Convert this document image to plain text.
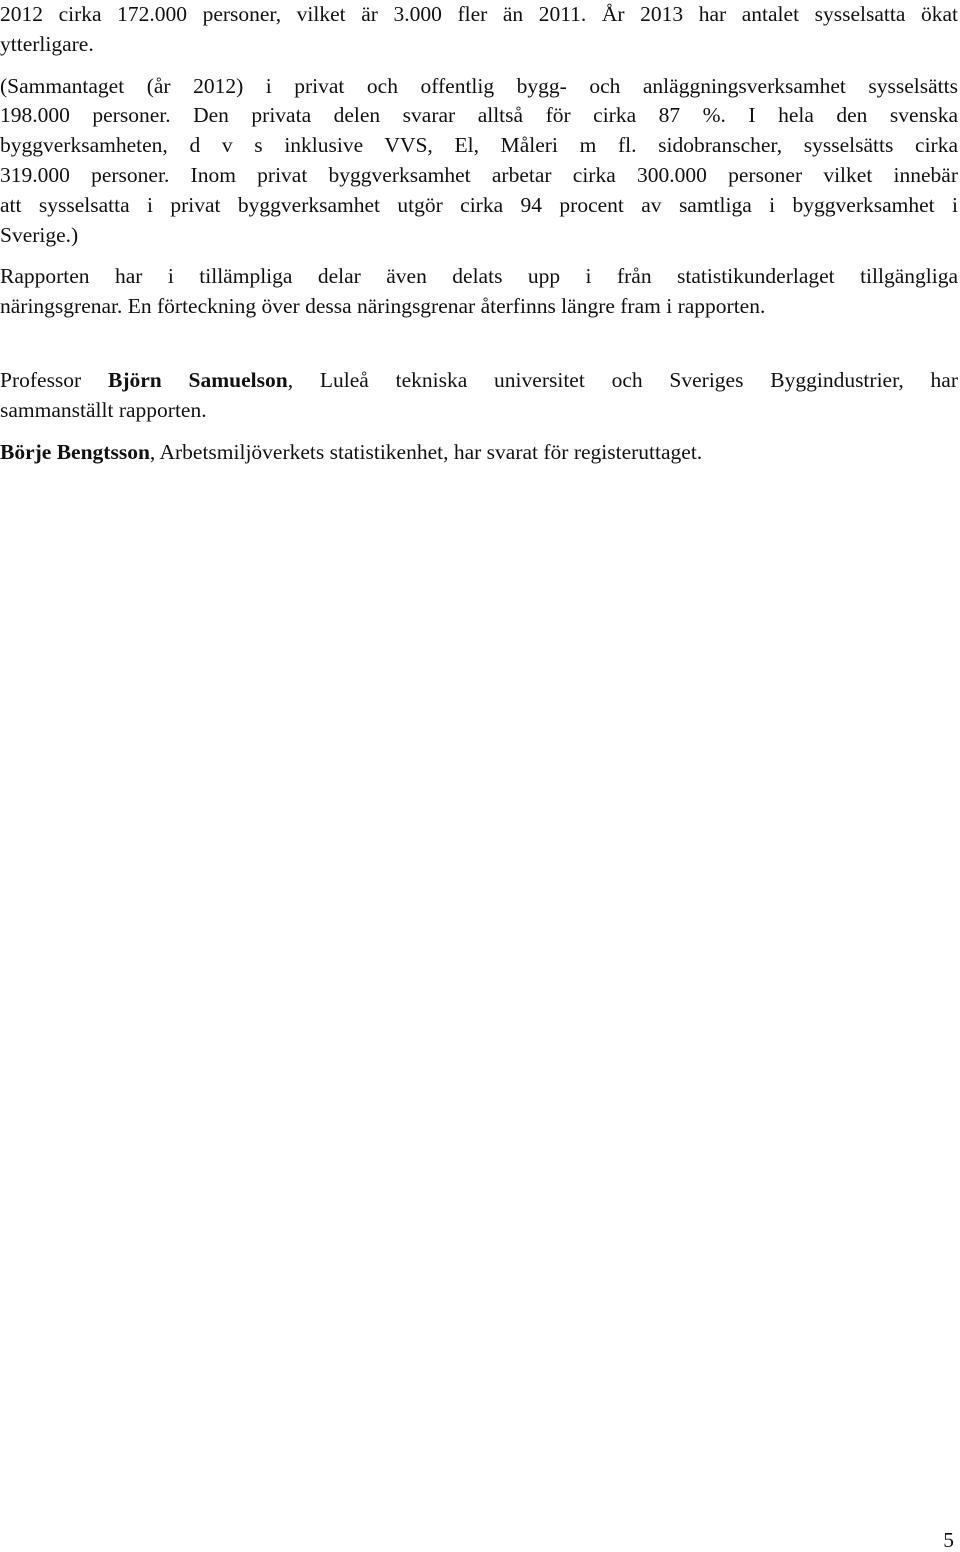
2012 cirka 172.000 personer, vilket är 3.000 fler än 2011. År 2013 har antalet sysselsatta ökat
ytterligare.
(Sammantaget (år 2012) i privat och offentlig bygg- och anläggningsverksamhet sysselsätts
198.000 personer. Den privata delen svarar alltså för cirka 87 %. I hela den svenska
byggverksamheten, d v s inklusive VVS, El, Måleri m fl. sidobranscher, sysselsätts cirka
319.000 personer. Inom privat byggverksamhet arbetar cirka 300.000 personer vilket innebär
att sysselsatta i privat byggverksamhet utgör cirka 94 procent av samtliga i byggverksamhet i
Sverige.)
Rapporten har i tillämpliga delar även delats upp i från statistikunderlaget tillgängliga
näringsgrenar. En förteckning över dessa näringsgrenar återfinns längre fram i rapporten.
Professor Björn Samuelson, Luleå tekniska universitet och Sveriges Byggindustrier, har
sammanställt rapporten.
Börje Bengtsson, Arbetsmiljöverkets statistikenhet, har svarat för registeruttaget.
5
